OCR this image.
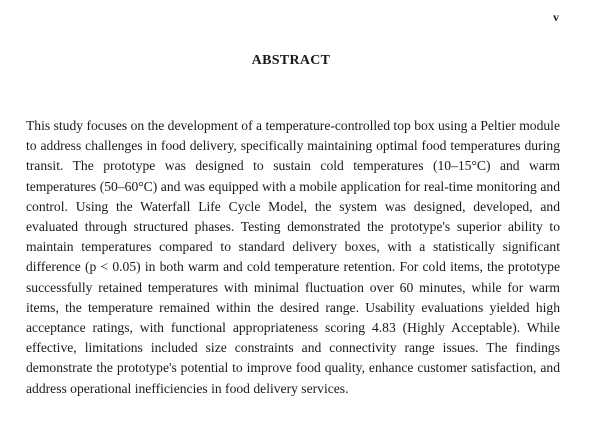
v
ABSTRACT

This study focuses on the development of a temperature-controlled top box using a Peltier module to address challenges in food delivery, specifically maintaining optimal food temperatures during transit. The prototype was designed to sustain cold temperatures (10–15°C) and warm temperatures (50–60°C) and was equipped with a mobile application for real-time monitoring and control. Using the Waterfall Life Cycle Model, the system was designed, developed, and evaluated through structured phases. Testing demonstrated the prototype's superior ability to maintain temperatures compared to standard delivery boxes, with a statistically significant difference (p < 0.05) in both warm and cold temperature retention. For cold items, the prototype successfully retained temperatures with minimal fluctuation over 60 minutes, while for warm items, the temperature remained within the desired range. Usability evaluations yielded high acceptance ratings, with functional appropriateness scoring 4.83 (Highly Acceptable). While effective, limitations included size constraints and connectivity range issues. The findings demonstrate the prototype's potential to improve food quality, enhance customer satisfaction, and address operational inefficiencies in food delivery services.
